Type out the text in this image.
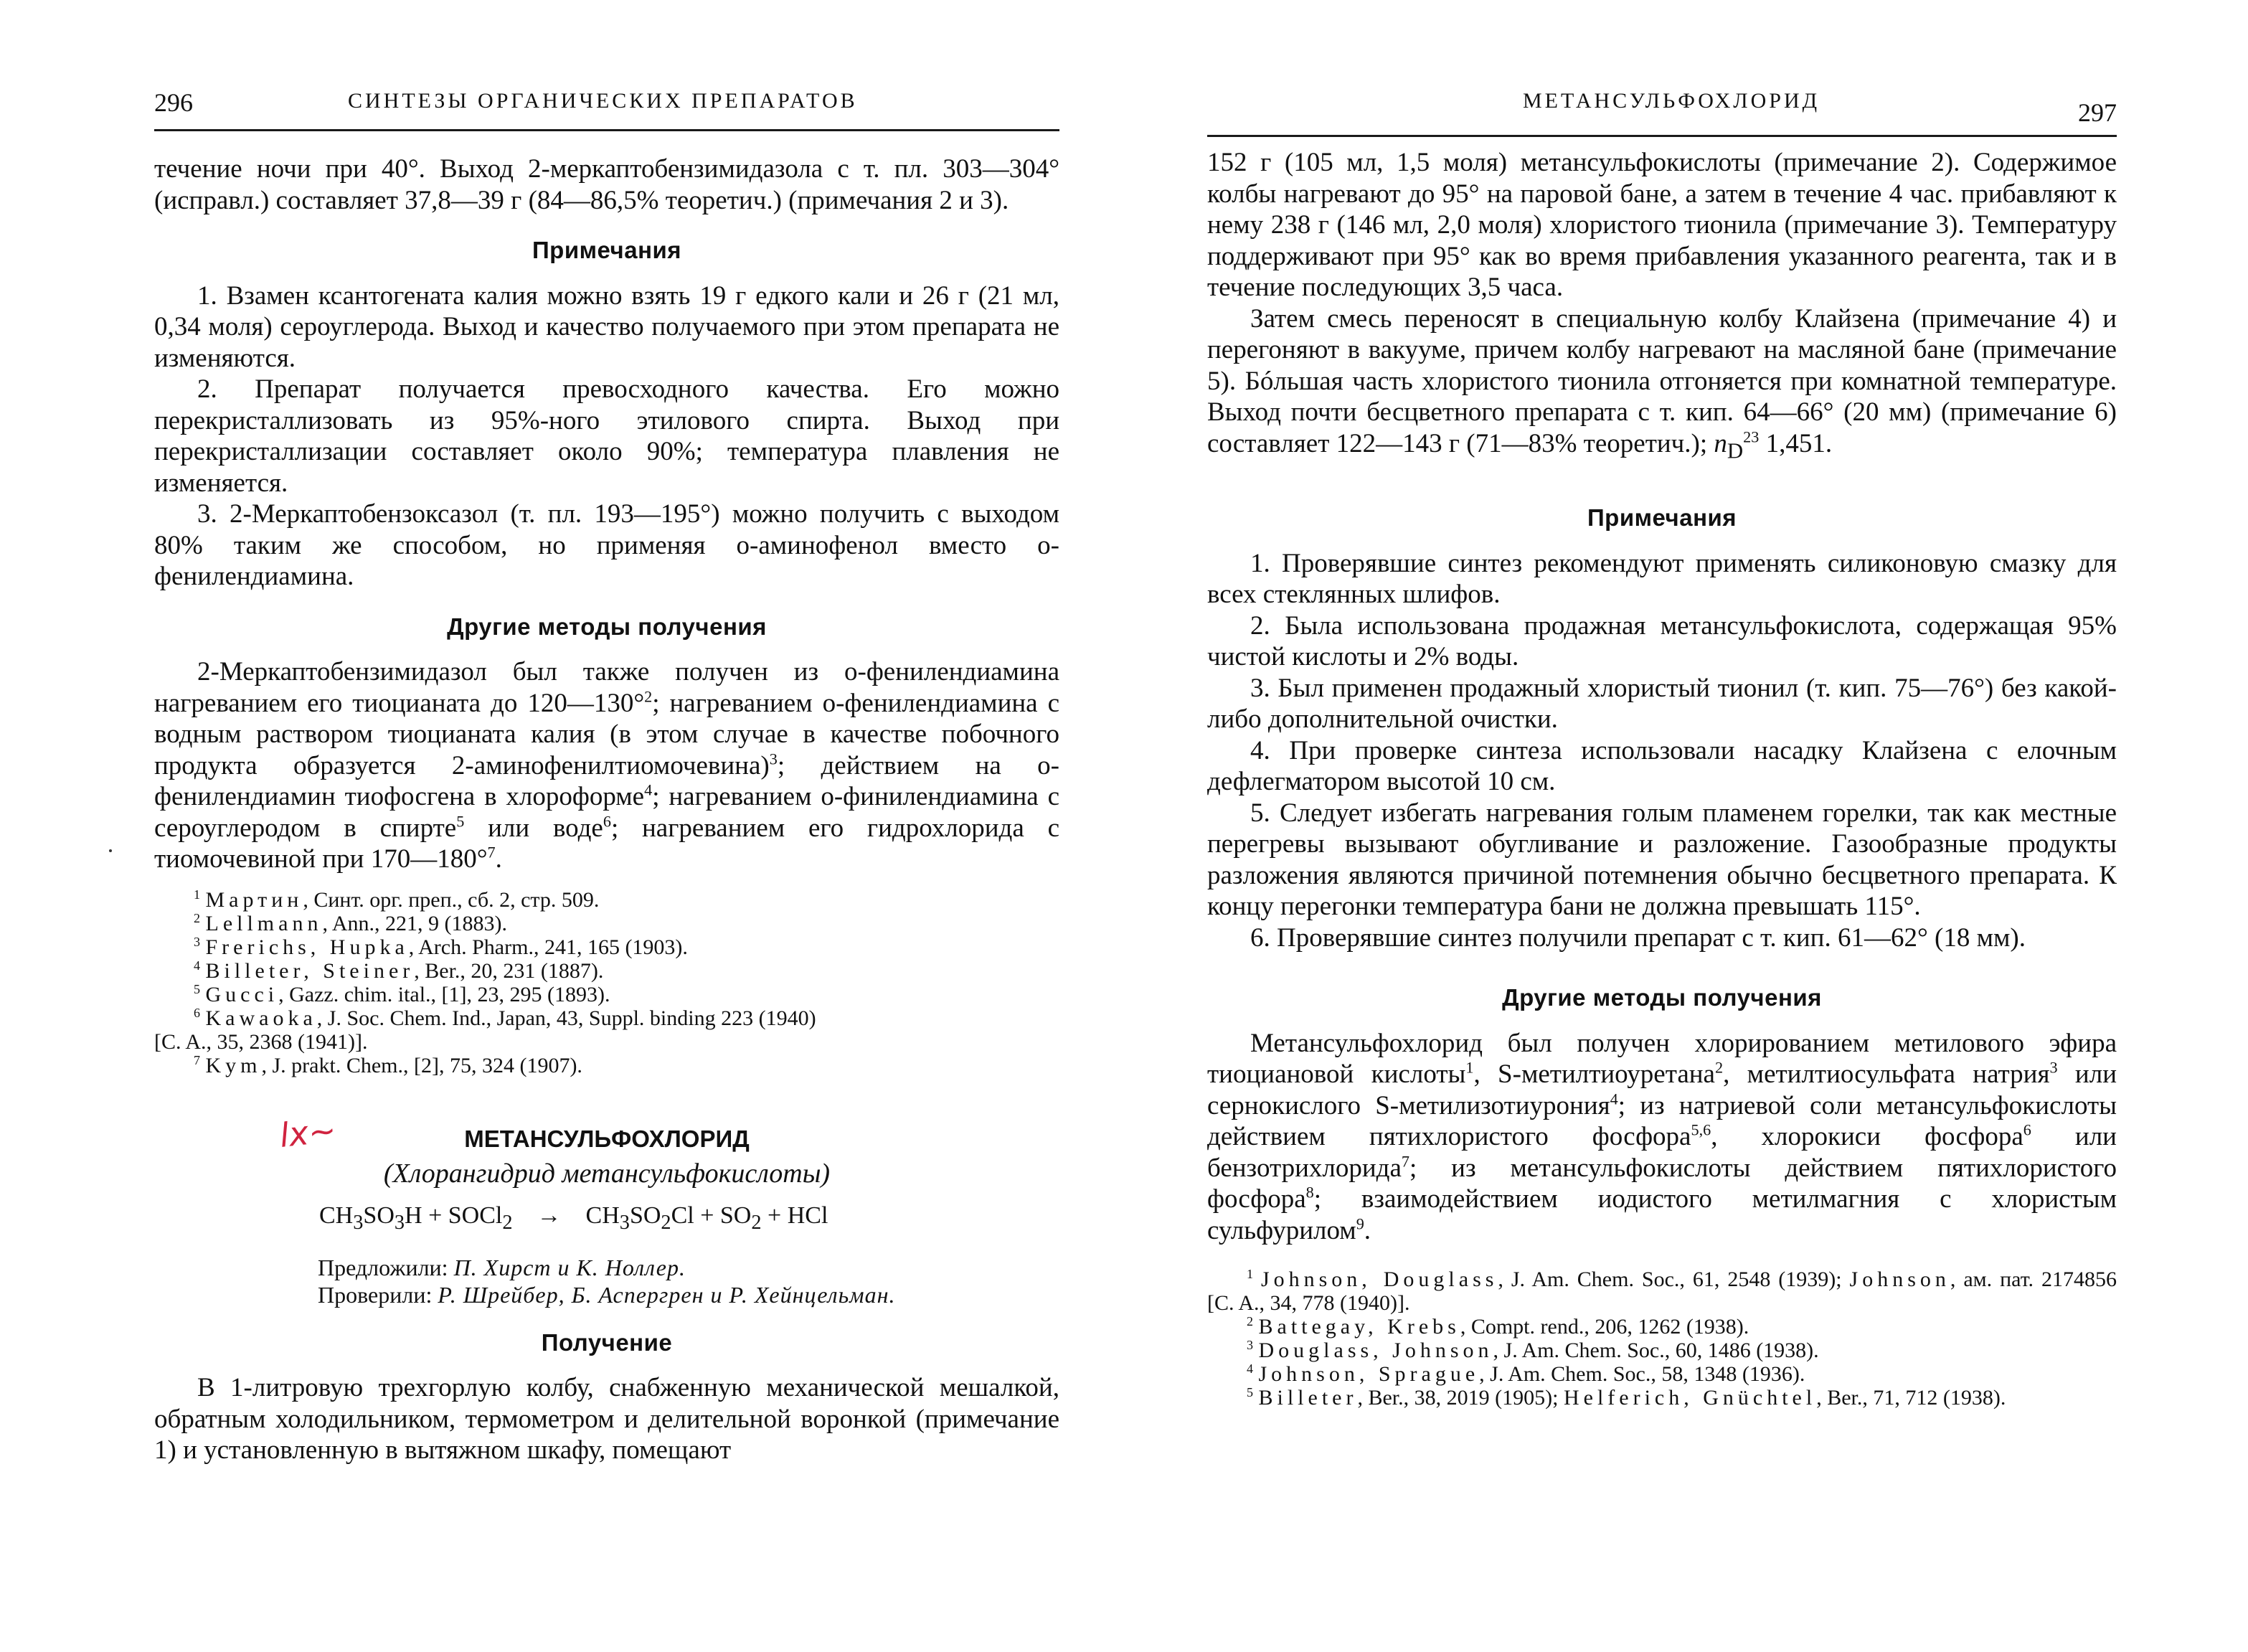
296	СИНТЕЗЫ ОРГАНИЧЕСКИХ ПРЕПАРАТОВ

течение ночи при 40°. Выход 2-меркаптобензимидазола с т. пл. 303—304° (исправл.) составляет 37,8—39 г (84—86,5% теоретич.) (примечания 2 и 3).

Примечания

1. Взамен ксантогената калия можно взять 19 г едкого кали и 26 г (21 мл, 0,34 моля) сероуглерода. Выход и качество получаемого при этом препарата не изменяются.

2. Препарат получается превосходного качества. Его можно перекристаллизовать из 95%-ного этилового спирта. Выход при перекристаллизации составляет около 90%; температура плавления не изменяется.

3. 2-Меркаптобензоксазол (т. пл. 193—195°) можно получить с выходом 80% таким же способом, но применяя о-аминофенол вместо о-фенилендиамина.

Другие методы получения

2-Меркаптобензимидазол был также получен из о-фенилендиамина нагреванием его тиоцианата до 120—130°$^2$; нагреванием о-фенилендиамина с водным раствором тиоцианата калия (в этом случае в качестве побочного продукта образуется 2-аминофенилтиомочевина)$^3$; действием на о-фенилендиамин тиофосгена в хлороформе$^4$; нагреванием о-финилендиамина с сероуглеродом в спирте$^5$ или воде$^6$; нагреванием его гидрохлорида с тиомочевиной при 170—180°$^7$.

$^1$ Мартин, Синт. орг. преп., сб. 2, стр. 509.

$^2$ Lellmann, Ann., 221, 9 (1883).

$^3$ Frerichs, Hupka, Arch. Pharm., 241, 165 (1903).

$^4$ Billeter, Steiner, Ber., 20, 231 (1887).

$^5$ Gucci, Gazz. chim. ital., [1], 23, 295 (1893).

$^6$ Kawaoka, J. Soc. Chem. Ind., Japan, 43, Suppl. binding 223 (1940)

[C. A., 35, 2368 (1941)].

$^7$ Kym, J. prakt. Chem., [2], 75, 324 (1907).

lx~	МЕТАНСУЛЬФОХЛОРИД
(Хлорангидрид метансульфокислоты)
$CH_3SO_3H$ + SOCl$_2$ → $CH_3SO_2Cl + SO_2$ + HCl
Предложили: П. Хирст и К. Ноллер.
Проверили: Р. Шрейбер, Б. Аспергрен и Р. Хейнцельман.
Получение

В 1-литровую трехгорлую колбу, снабженную механической мешалкой, обратным холодильником, термометром и делительной воронкой (примечание 1) и установленную в вытяжном шкафу, помещают

МЕТАНСУЛЬФОХЛОРИД	297

152 г (105 мл, 1,5 моля) метансульфокислоты (примечание 2). Содержимое колбы нагревают до 95° на паровой бане, а затем в течение 4 час. прибавляют к нему 238 г (146 мл, 2,0 моля) хлористого тионила (примечание 3). Температуру поддерживают при 95° как во время прибавления указанного реагента, так и в течение последующих 3,5 часа.

Затем смесь переносят в специальную колбу Клайзена (примечание 4) и перегоняют в вакууме, причем колбу нагревают на масляной бане (примечание 5). Бóльшая часть хлористого тионила отгоняется при комнатной температуре. Выход почти бесцветного препарата с т. кип. 64—66° (20 мм) (примечание 6) составляет 122—143 г (71—83% теоретич.); $n_D^{23}$ 1,451.

Примечания

1. Проверявшие синтез рекомендуют применять силиконовую смазку для всех стеклянных шлифов.

2. Была использована продажная метансульфокислота, содержащая 95% чистой кислоты и 2% воды.

3. Был применен продажный хлористый тионил (т. кип. 75—76°) без какой-либо дополнительной очистки.

4. При проверке синтеза использовали насадку Клайзена с елочным дефлегматором высотой 10 см.

5. Следует избегать нагревания голым пламенем горелки, так как местные перегревы вызывают обугливание и разложение. Газообразные продукты разложения являются причиной потемнения обычно бесцветного препарата. К концу перегонки температура бани не должна превышать 115°.

6. Проверявшие синтез получили препарат с т. кип. 61—62° (18 мм).

Другие методы получения

Метансульфохлорид был получен хлорированием метилового эфира тиоциановой кислоты$^1$, S-метилтиоуретана$^2$, метилтиосульфата натрия$^3$ или сернокислого S-метилизотиурония$^4$; из натриевой соли метансульфокислоты действием пятихлористого фосфора$^{5,6}$, хлорокиси фосфора$^6$ или бензотрихлорида$^7$; из метансульфокислоты действием пятихлористого фосфора$^8$; взаимодействием иодистого метилмагния с хлористым сульфурилом$^9$.

$^1$ Johnson, Douglass, J. Am. Chem. Soc., 61, 2548 (1939); Johnson, ам. пат. 2174856 [C. A., 34, 778 (1940)].

$^2$ Battegay, Krebs, Compt. rend., 206, 1262 (1938).

$^3$ Douglass, Johnson, J. Am. Chem. Soc., 60, 1486 (1938).

$^4$ Johnson, Sprague, J. Am. Chem. Soc., 58, 1348 (1936).

$^5$ Billeter, Ber., 38, 2019 (1905); Helferich, Gnüchtel, Ber., 71, 712 (1938).
